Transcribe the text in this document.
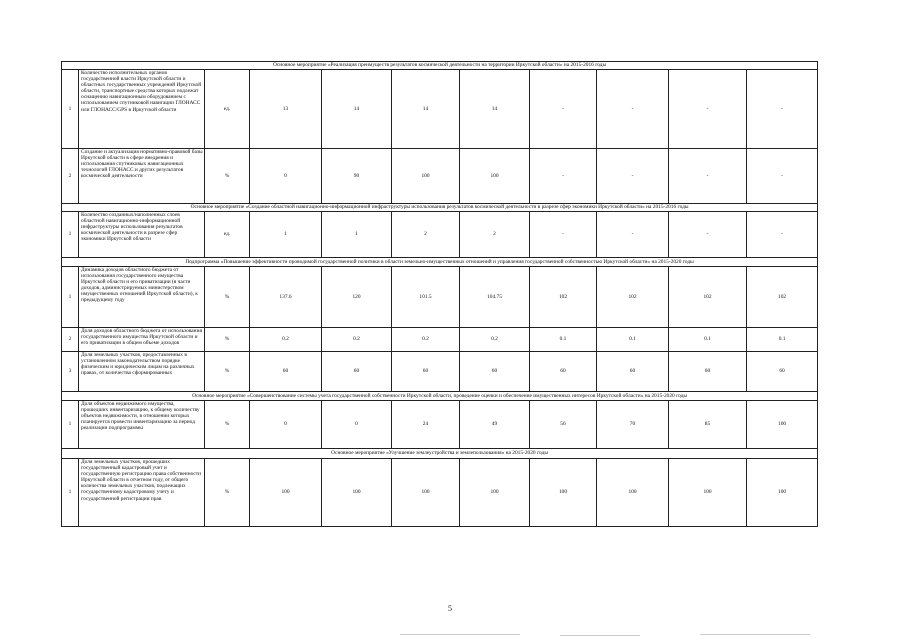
Основное мероприятие «Реализация преимуществ результатов космической деятельности на территории Иркутской области» на 2015-2016 годы										
1	Количество исполнительных органов государственной власти Иркутской области и областных государственных учреждений Иркутской области, транспортные средства которых подлежат оснащению навигационным оборудованием с использованием спутниковой навигации ГЛОНАСС или ГЛОНАСС/GPS в Иркутской области	ед.	13	14	14	14	-	-	-	-
2	Создание и актуализация нормативно-правовой базы Иркутской области в сфере внедрения и использования спутниковых навигационных технологий ГЛОНАСС и других результатов космической деятельности	%	0	90	100	100	-	-	-	-
Основное мероприятие «Создание областной навигационно-информационной инфраструктуры использования результатов космической деятельности в разрезе сфер экономики Иркутской области» на 2015-2016 годы										
1	Количество созданных/наполненных слоев областной навигационно-информационной инфраструктуры использования результатов космической деятельности в разрезе сфер экономики Иркутской области	ед.	1	1	2	2	-	-	-	-
Подпрограмма «Повышение эффективности проводимой государственной политики в области земельно-имущественных отношений и управления государственной собственностью Иркутской области» на 2015-2020 годы										
1	Динамика доходов областного бюджета от использования государственного имущества Иркутской области и его приватизации (в части доходов, администрируемых министерством имущественных отношений Иркутской области), к предыдущему году	%	137.6	120	101.5	104.75	102	102	102	102
2	Доля доходов областного бюджета от использования государственного имущества Иркутской области и его приватизации в общем объеме доходов	%	0.2	0.2	0.2	0.2	0.1	0.1	0.1	0.1
3	Доля земельных участков, предоставленных в установленном законодательством порядке физическим и юридическим лицам на различных правах, от количества сформированных	%	60	60	60	60	60	60	60	60
Основное мероприятие «Совершенствование системы учета государственной собственности Иркутской области, проведение оценки и обеспечение имущественных интересов Иркутской области» на 2015-2020 годы										
1	Доля объектов недвижимого имущества, прошедших инвентаризацию, к общему количеству объектов недвижимости, в отношении которых планируется провести инвентаризацию за период реализации подпрограммы	%	0	0	24	49	56	70	85	100
Основное мероприятие «Улучшение землеустройства и землепользования» на 2015-2020 годы										
1	Доля земельных участков, прошедших государственный кадастровый учет и государственную регистрацию права собственности Иркутской области в отчетном году, от общего количества земельных участков, подлежащих государственному кадастровому учету и государственной регистрации прав	%	100	100	100	100	100	100	100	100
5
